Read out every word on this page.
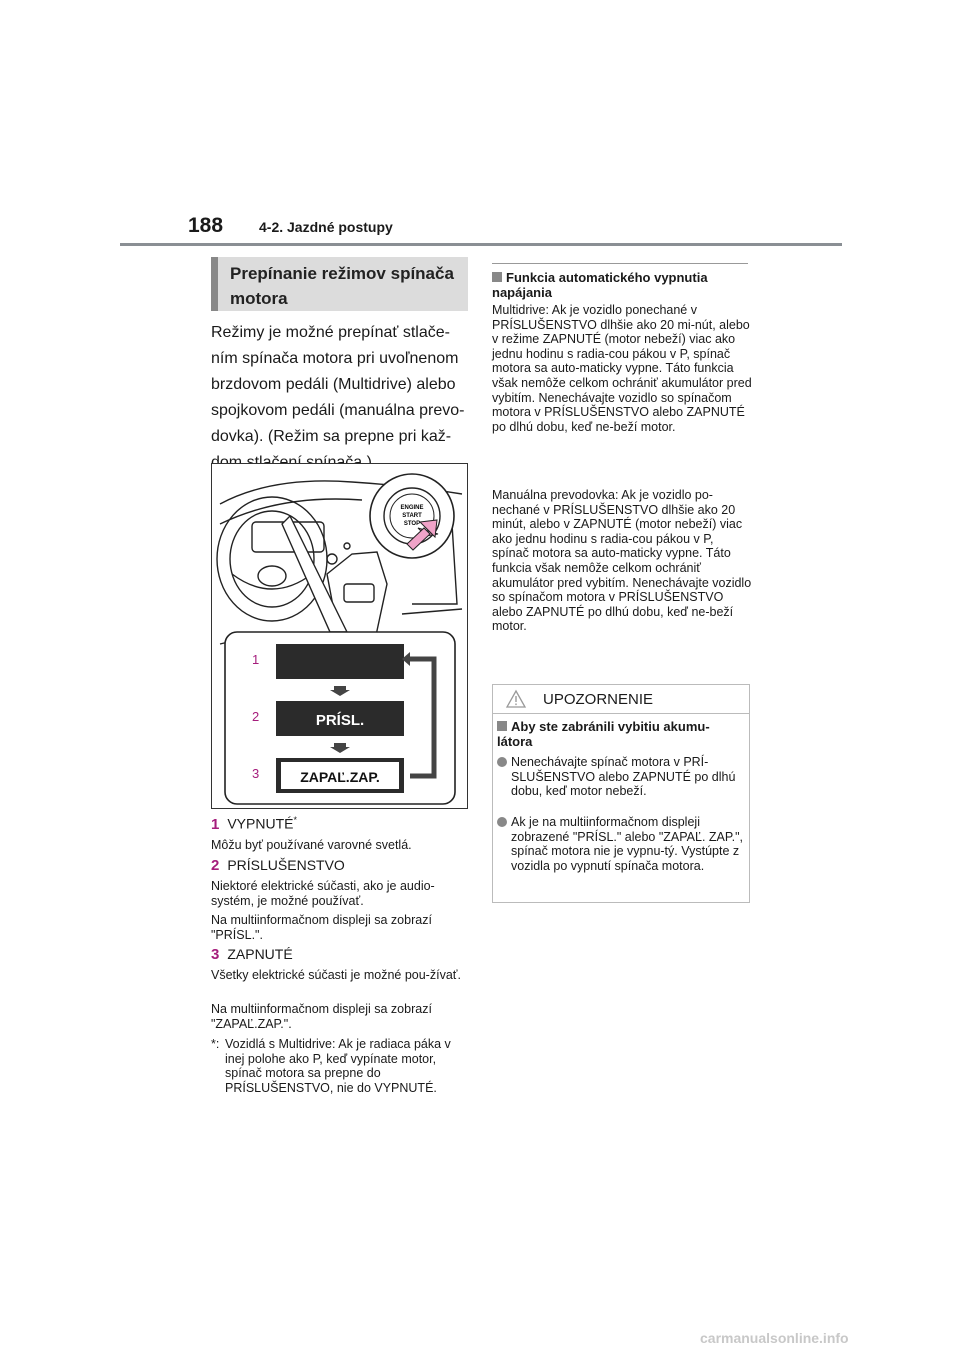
188	4-2. Jazdné postupy
Prepínanie režimov spínača motora
Režimy je možné prepínať stlače-ním spínača motora pri uvoľnenom brzdovom pedáli (Multidrive) alebo spojkovom pedáli (manuálna prevo-dovka). (Režim sa prepne pri kaž-
ENGINE
START
STOP
1
2
3
PRÍSL.
ZAPAĽ.ZAP.
1 VYPNUTÉ*
Môžu byť používané varovné svetlá.
2 PRÍSLUŠENSTVO
Niektoré elektrické súčasti, ako je audio-systém, je možné používať.
Na multiinformačnom displeji sa zobrazí "PRÍSL.".
3 ZAPNUTÉ
Všetky elektrické súčasti je možné pou-žívať.
Na multiinformačnom displeji sa zobrazí "ZAPAĽ.ZAP.".
*: Vozidlá s Multidrive: Ak je radiaca páka v inej polohe ako P, keď vypínate motor, spínač motora sa prepne do PRÍSLUŠENSTVO, nie do VYPNUTÉ.
Funkcia automatického vypnutia napájania
Multidrive: Ak je vozidlo ponechané v PRÍSLUŠENSTVO dlhšie ako 20 mi-nút, alebo v režime ZAPNUTÉ (motor nebeží) viac ako jednu hodinu s radia-cou pákou v P, spínač motora sa auto-maticky vypne. Táto funkcia však nemôže celkom ochrániť akumulátor pred vybitím. Nenechávajte vozidlo so spínačom motora v PRÍSLUŠENSTVO alebo ZAPNUTÉ po dlhú dobu, keď ne-beží motor.
Manuálna prevodovka: Ak je vozidlo po-nechané v PRÍSLUŠENSTVO dlhšie ako 20 minút, alebo v ZAPNUTÉ (motor nebeží) viac ako jednu hodinu s radia-cou pákou v P, spínač motora sa auto-maticky vypne. Táto funkcia však nemôže celkom ochrániť akumulátor pred vybitím. Nenechávajte vozidlo so spínačom motora v PRÍSLUŠENSTVO alebo ZAPNUTÉ po dlhú dobu, keď ne-beží motor.
UPOZORNENIE
Aby ste zabránili vybitiu akumu-látora
Nenechávajte spínač motora v PRÍ-SLUŠENSTVO alebo ZAPNUTÉ po dlhú dobu, keď motor nebeží.
Ak je na multiinformačnom displeji zobrazené "PRÍSL." alebo "ZAPAĽ. ZAP.", spínač motora nie je vypnu-tý. Vystúpte z vozidla po vypnutí spínača motora.
carmanualsonline.info
